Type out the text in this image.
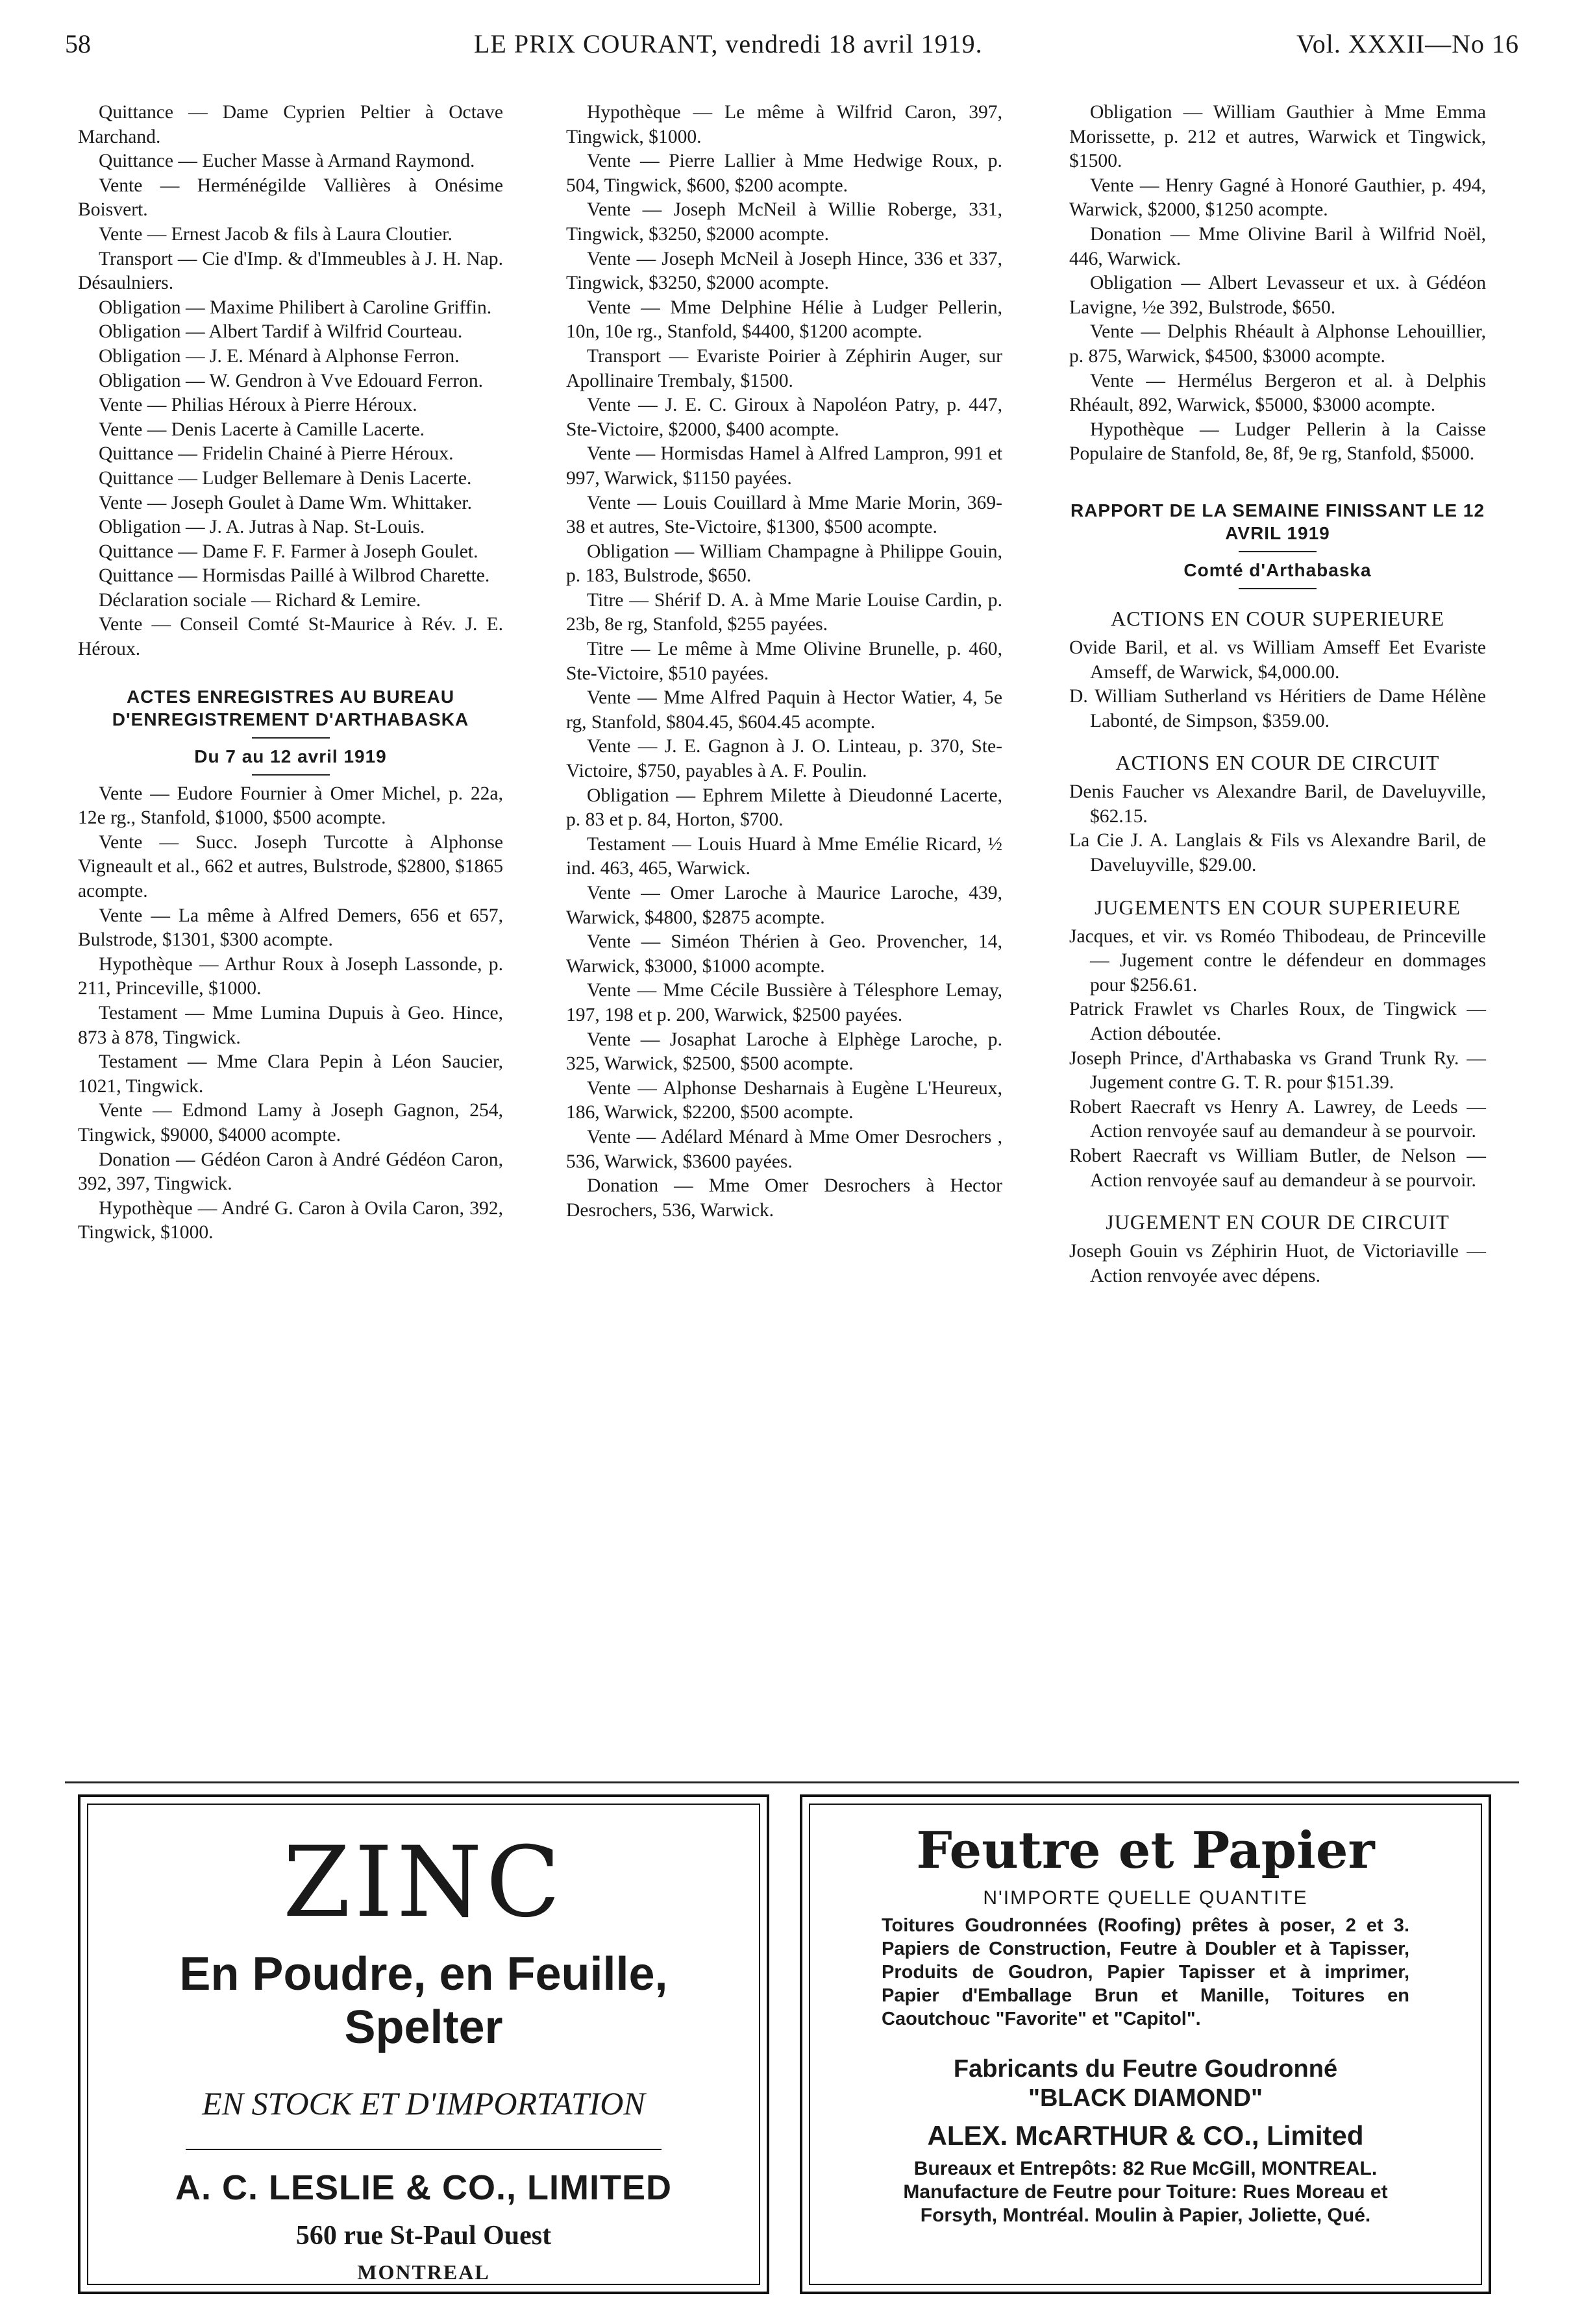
58	LE PRIX COURANT, vendredi 18 avril 1919.	Vol. XXXII—No 16

Quittance — Dame Cyprien Peltier à Octave Marchand.

Quittance — Eucher Masse à Armand Raymond.

Vente — Herménégilde Vallières à Onésime Boisvert.

Vente — Ernest Jacob & fils à Laura Cloutier.

Transport — Cie d'Imp. & d'Immeubles à J. H. Nap. Désaulniers.

Obligation — Maxime Philibert à Caroline Griffin.

Obligation — Albert Tardif à Wilfrid Courteau.

Obligation — J. E. Ménard à Alphonse Ferron.

Obligation — W. Gendron à Vve Edouard Ferron.

Vente — Philias Héroux à Pierre Héroux.

Vente — Denis Lacerte à Camille Lacerte.

Quittance — Fridelin Chainé à Pierre Héroux.

Quittance — Ludger Bellemare à Denis Lacerte.

Vente — Joseph Goulet à Dame Wm. Whittaker.

Obligation — J. A. Jutras à Nap. St-Louis.

Quittance — Dame F. F. Farmer à Joseph Goulet.

Quittance — Hormisdas Paillé à Wilbrod Charette.

Déclaration sociale — Richard & Lemire.

Vente — Conseil Comté St-Maurice à Rév. J. E. Héroux.

ACTES ENREGISTRES AU BUREAU D'ENREGISTREMENT D'ARTHABASKA
Du 7 au 12 avril 1919

Vente — Eudore Fournier à Omer Michel, p. 22a, 12e rg., Stanfold, $1000, $500 acompte.

Vente — Succ. Joseph Turcotte à Alphonse Vigneault et al., 662 et autres, Bulstrode, $2800, $1865 acompte.

Vente — La même à Alfred Demers, 656 et 657, Bulstrode, $1301, $300 acompte.

Hypothèque — Arthur Roux à Joseph Lassonde, p. 211, Princeville, $1000.

Testament — Mme Lumina Dupuis à Geo. Hince, 873 à 878, Tingwick.

Testament — Mme Clara Pepin à Léon Saucier, 1021, Tingwick.

Vente — Edmond Lamy à Joseph Gagnon, 254, Tingwick, $9000, $4000 acompte.

Donation — Gédéon Caron à André Gédéon Caron, 392, 397, Tingwick.

Hypothèque — André G. Caron à Ovila Caron, 392, Tingwick, $1000.

Hypothèque — Le même à Wilfrid Caron, 397, Tingwick, $1000.

Vente — Pierre Lallier à Mme Hedwige Roux, p. 504, Tingwick, $600, $200 acompte.

Vente — Joseph McNeil à Willie Roberge, 331, Tingwick, $3250, $2000 acompte.

Vente — Joseph McNeil à Joseph Hince, 336 et 337, Tingwick, $3250, $2000 acompte.

Vente — Mme Delphine Hélie à Ludger Pellerin, 10n, 10e rg., Stanfold, $4400, $1200 acompte.

Transport — Evariste Poirier à Zéphirin Auger, sur Apollinaire Trembaly, $1500.

Vente — J. E. C. Giroux à Napoléon Patry, p. 447, Ste-Victoire, $2000, $400 acompte.

Vente — Hormisdas Hamel à Alfred Lampron, 991 et 997, Warwick, $1150 payées.

Vente — Louis Couillard à Mme Marie Morin, 369-38 et autres, Ste-Victoire, $1300, $500 acompte.

Obligation — William Champagne à Philippe Gouin, p. 183, Bulstrode, $650.

Titre — Shérif D. A. à Mme Marie Louise Cardin, p. 23b, 8e rg, Stanfold, $255 payées.

Titre — Le même à Mme Olivine Brunelle, p. 460, Ste-Victoire, $510 payées.

Vente — Mme Alfred Paquin à Hector Watier, 4, 5e rg, Stanfold, $804.45, $604.45 acompte.

Vente — J. E. Gagnon à J. O. Linteau, p. 370, Ste-Victoire, $750, payables à A. F. Poulin.

Obligation — Ephrem Milette à Dieudonné Lacerte, p. 83 et p. 84, Horton, $700.

Testament — Louis Huard à Mme Emélie Ricard, ½ ind. 463, 465, Warwick.

Vente — Omer Laroche à Maurice Laroche, 439, Warwick, $4800, $2875 acompte.

Vente — Siméon Thérien à Geo. Provencher, 14, Warwick, $3000, $1000 acompte.

Vente — Mme Cécile Bussière à Télesphore Lemay, 197, 198 et p. 200, Warwick, $2500 payées.

Vente — Josaphat Laroche à Elphège Laroche, p. 325, Warwick, $2500, $500 acompte.

Vente — Alphonse Desharnais à Eugène L'Heureux, 186, Warwick, $2200, $500 acompte.

Vente — Adélard Ménard à Mme Omer Desrochers , 536, Warwick, $3600 payées.

Donation — Mme Omer Desrochers à Hector Desrochers, 536, Warwick.

Obligation — William Gauthier à Mme Emma Morissette, p. 212 et autres, Warwick et Tingwick, $1500.

Vente — Henry Gagné à Honoré Gauthier, p. 494, Warwick, $2000, $1250 acompte.

Donation — Mme Olivine Baril à Wilfrid Noël, 446, Warwick.

Obligation — Albert Levasseur et ux. à Gédéon Lavigne, ½e 392, Bulstrode, $650.

Vente — Delphis Rhéault à Alphonse Lehouillier, p. 875, Warwick, $4500, $3000 acompte.

Vente — Hermélus Bergeron et al. à Delphis Rhéault, 892, Warwick, $5000, $3000 acompte.

Hypothèque — Ludger Pellerin à la Caisse Populaire de Stanfold, 8e, 8f, 9e rg, Stanfold, $5000.

RAPPORT DE LA SEMAINE FINISSANT LE 12 AVRIL 1919
Comté d'Arthabaska
ACTIONS EN COUR SUPERIEURE

Ovide Baril, et al. vs William Amseff Eet Evariste Amseff, de Warwick, $4,000.00.

D. William Sutherland vs Héritiers de Dame Hélène Labonté, de Simpson, $359.00.

ACTIONS EN COUR DE CIRCUIT

Denis Faucher vs Alexandre Baril, de Daveluyville, $62.15.

La Cie J. A. Langlais & Fils vs Alexandre Baril, de Daveluyville, $29.00.

JUGEMENTS EN COUR SUPERIEURE

Jacques, et vir. vs Roméo Thibodeau, de Princeville — Jugement contre le défendeur en dommages pour $256.61.

Patrick Frawlet vs Charles Roux, de Tingwick — Action déboutée.

Joseph Prince, d'Arthabaska vs Grand Trunk Ry. — Jugement contre G. T. R. pour $151.39.

Robert Raecraft vs Henry A. Lawrey, de Leeds — Action renvoyée sauf au demandeur à se pourvoir.

Robert Raecraft vs William Butler, de Nelson — Action renvoyée sauf au demandeur à se pourvoir.

JUGEMENT EN COUR DE CIRCUIT

Joseph Gouin vs Zéphirin Huot, de Victoriaville — Action renvoyée avec dépens.

ZINC
En Poudre, en Feuille,
Spelter
EN STOCK ET D'IMPORTATION
A. C. LESLIE & CO., LIMITED
560 rue St-Paul Ouest
MONTREAL
Feutre et Papier
N'IMPORTE QUELLE QUANTITE
Toitures Goudronnées (Roofing) prêtes à poser, 2 et 3. Papiers de Construction, Feutre à Doubler et à Tapisser, Produits de Goudron, Papier Tapisser et à imprimer, Papier d'Emballage Brun et Manille, Toitures en Caoutchouc "Favorite" et "Capitol".
Fabricants du Feutre Goudronné
"BLACK DIAMOND"
ALEX. McARTHUR & CO., Limited
Bureaux et Entrepôts: 82 Rue McGill, MONTREAL. Manufacture de Feutre pour Toiture: Rues Moreau et Forsyth, Montréal. Moulin à Papier, Joliette, Qué.
